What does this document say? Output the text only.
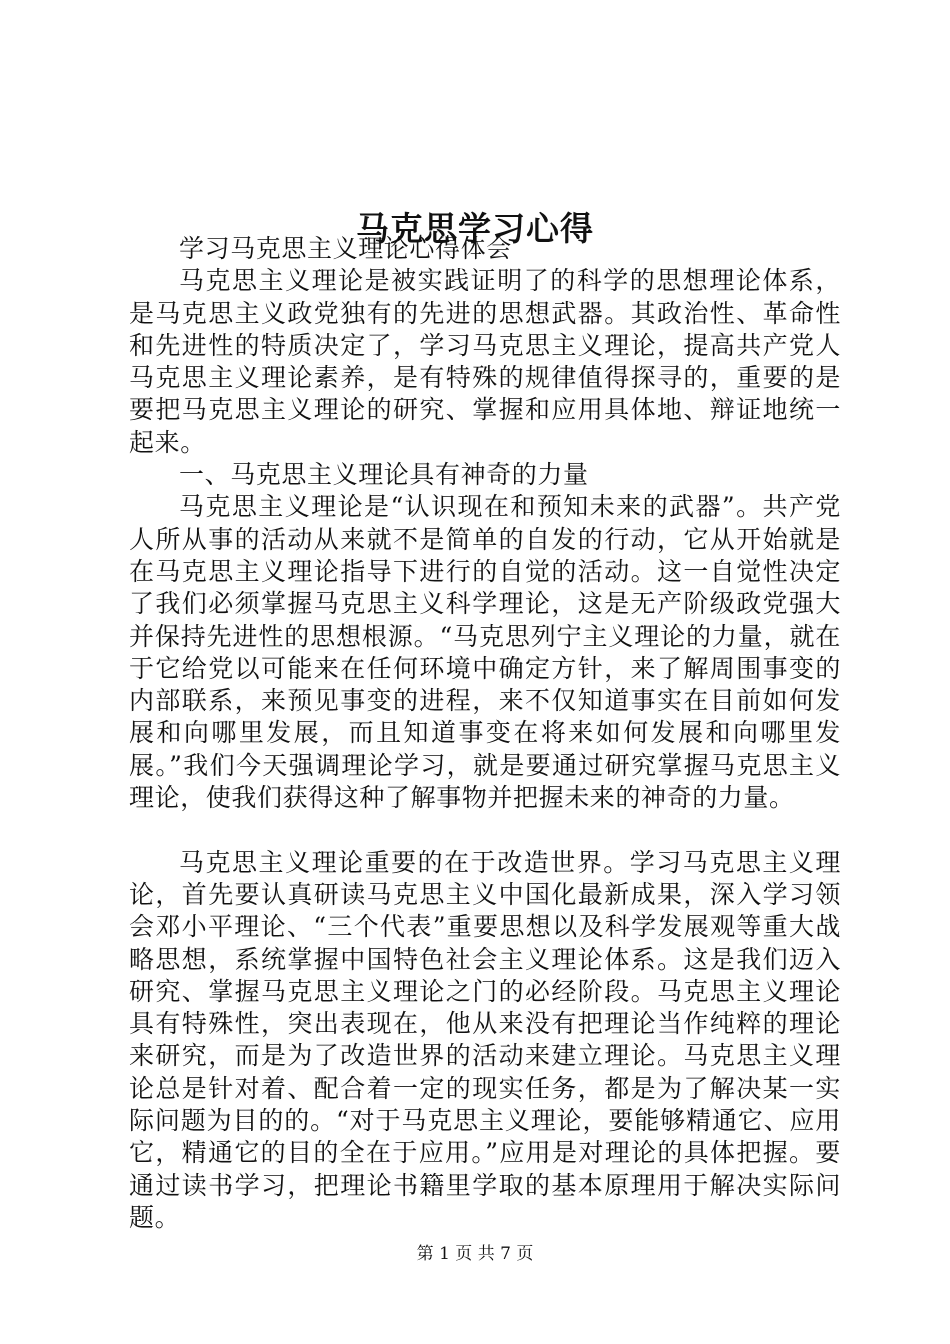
马克思学习心得

学习马克思主义理论心得体会

马克思主义理论是被实践证明了的科学的思想理论体系，是马克思主义政党独有的先进的思想武器。其政治性、革命性和先进性的特质决定了，学习马克思主义理论，提高共产党人马克思主义理论素养，是有特殊的规律值得探寻的，重要的是要把马克思主义理论的研究、掌握和应用具体地、辩证地统一起来。

一、马克思主义理论具有神奇的力量

马克思主义理论是“认识现在和预知未来的武器”。共产党人所从事的活动从来就不是简单的自发的行动，它从开始就是在马克思主义理论指导下进行的自觉的活动。这一自觉性决定了我们必须掌握马克思主义科学理论，这是无产阶级政党强大并保持先进性的思想根源。“马克思列宁主义理论的力量，就在于它给党以可能来在任何环境中确定方针，来了解周围事变的内部联系，来预见事变的进程，来不仅知道事实在目前如何发展和向哪里发展，而且知道事变在将来如何发展和向哪里发展。”我们今天强调理论学习，就是要通过研究掌握马克思主义理论，使我们获得这种了解事物并把握未来的神奇的力量。

马克思主义理论重要的在于改造世界。学习马克思主义理论，首先要认真研读马克思主义中国化最新成果，深入学习领会邓小平理论、“三个代表”重要思想以及科学发展观等重大战略思想，系统掌握中国特色社会主义理论体系。这是我们迈入研究、掌握马克思主义理论之门的必经阶段。马克思主义理论具有特殊性，突出表现在，他从来没有把理论当作纯粹的理论来研究，而是为了改造世界的活动来建立理论。马克思主义理论总是针对着、配合着一定的现实任务，都是为了解决某一实际问题为目的的。“对于马克思主义理论，要能够精通它、应用它，精通它的目的全在于应用。”应用是对理论的具体把握。要通过读书学习，把理论书籍里学取的基本原理用于解决实际问题。

第 1 页 共 7 页
